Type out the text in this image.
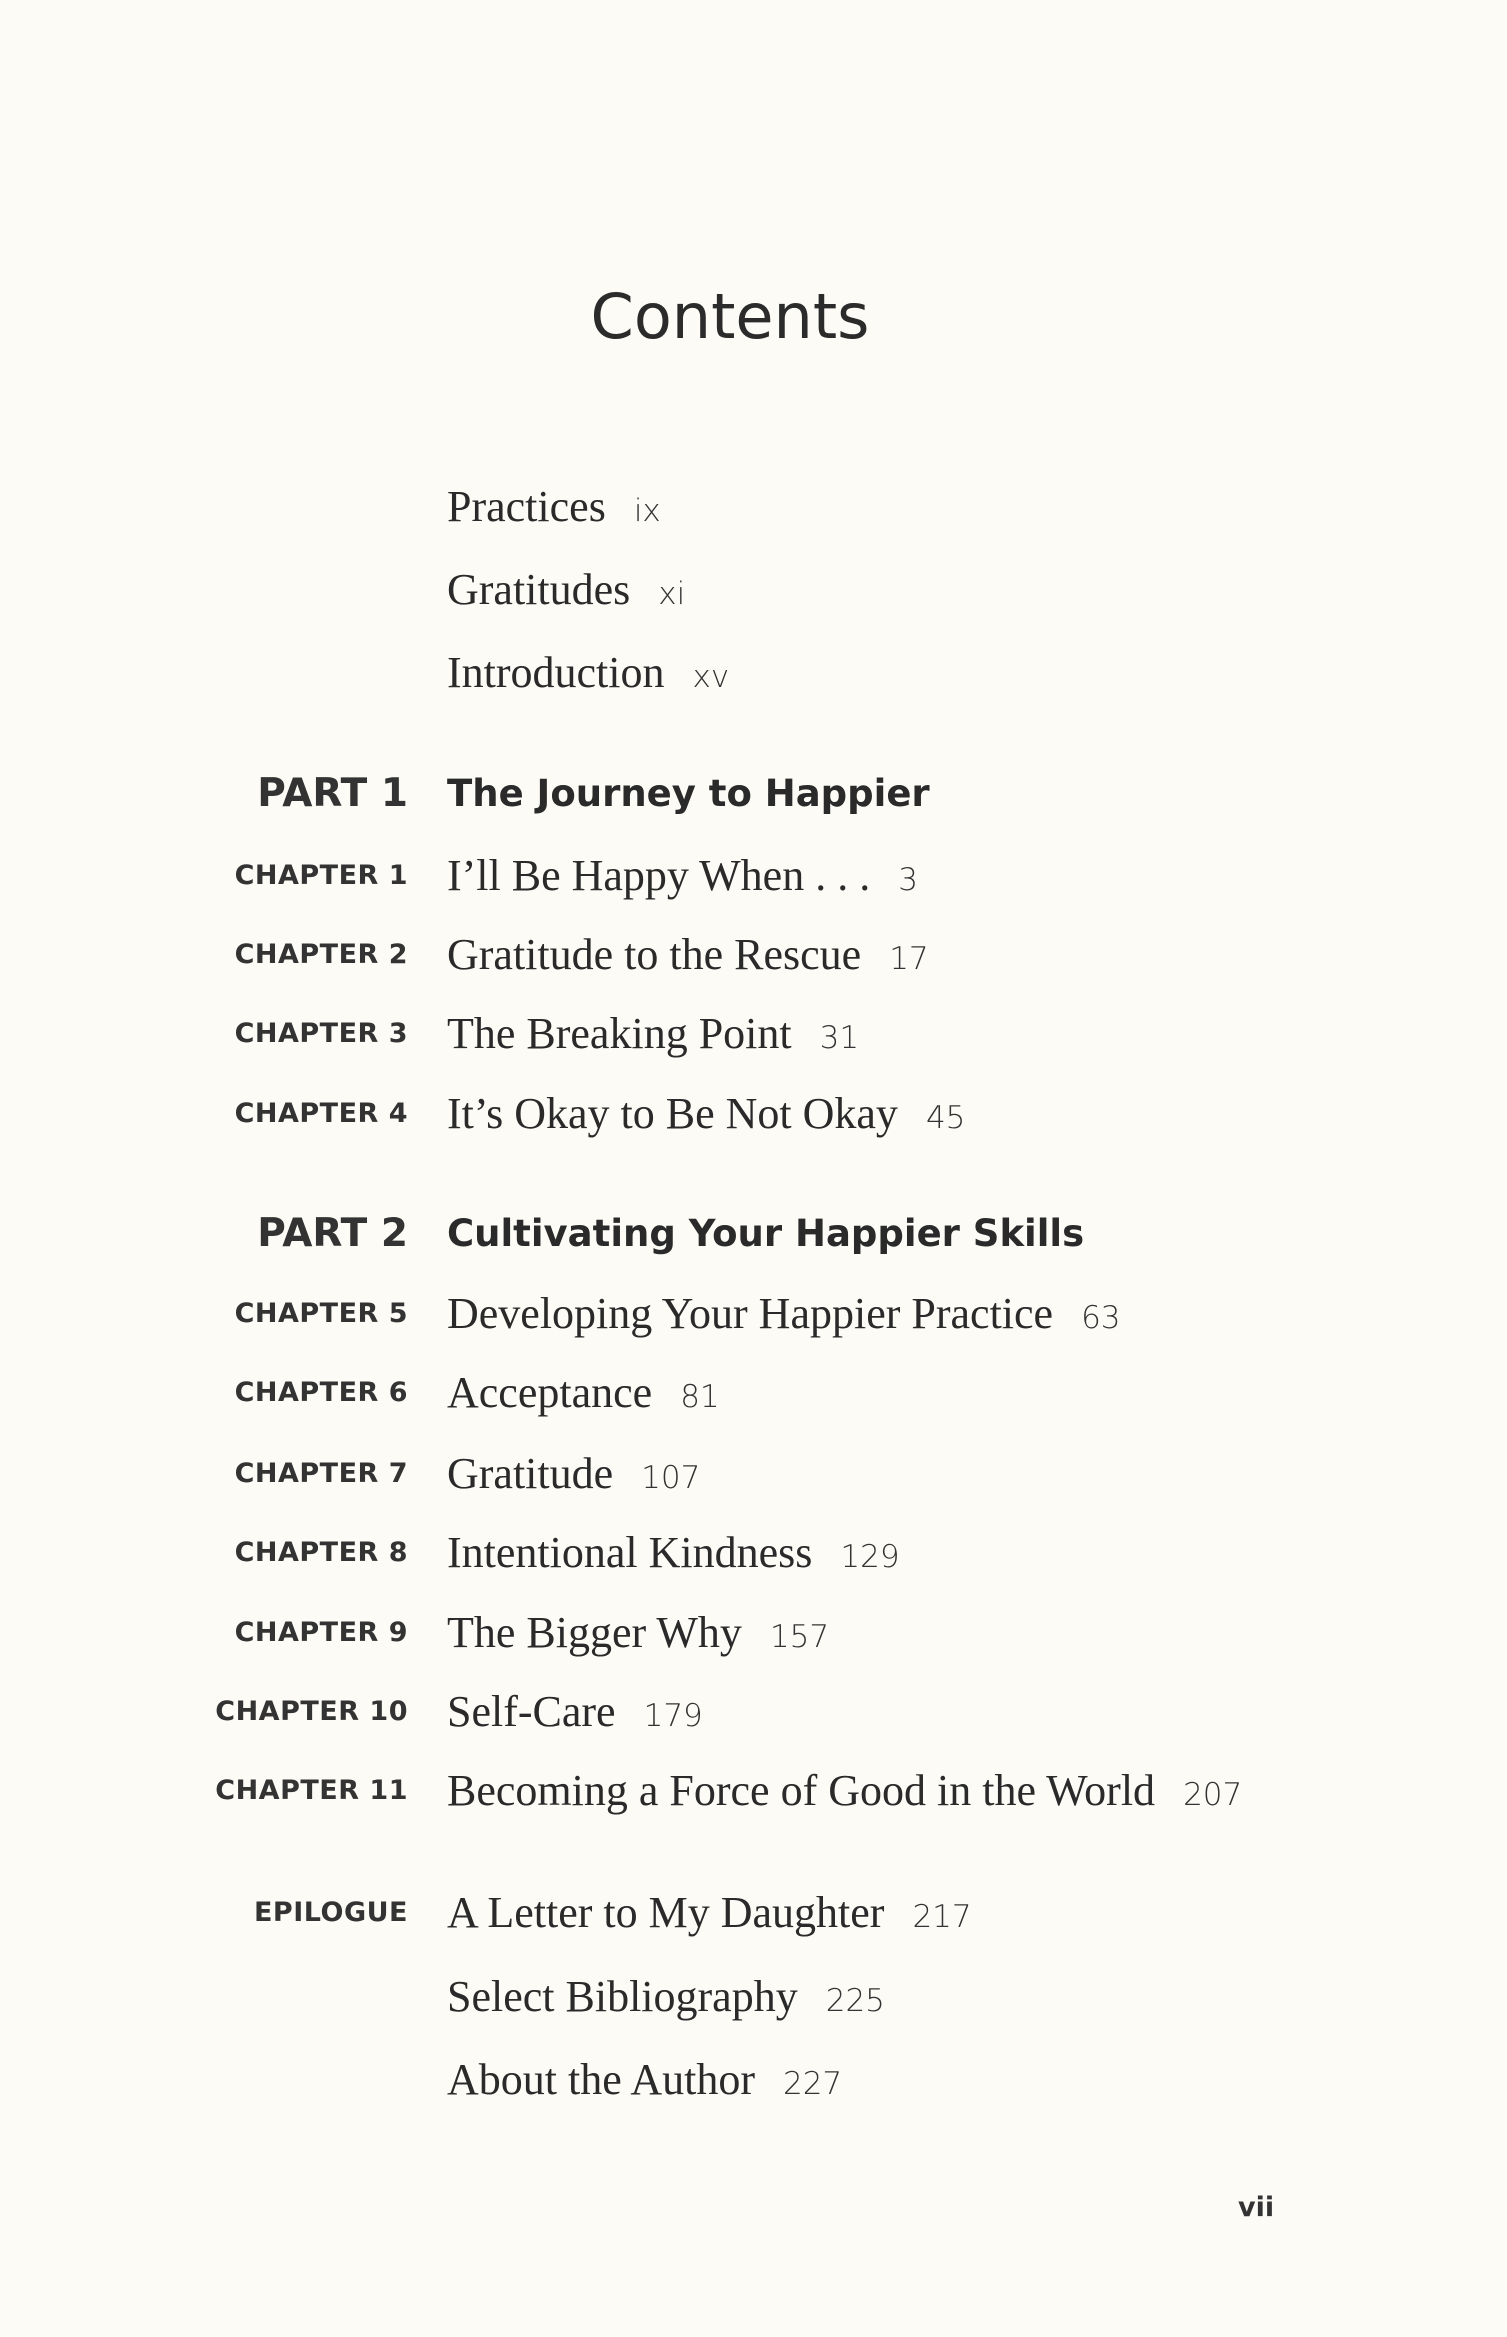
Contents
Practices ix
Gratitudes xi
Introduction xv
PART 1 The Journey to Happier
CHAPTER 1 I’ll Be Happy When . . . 3
CHAPTER 2 Gratitude to the Rescue 17
CHAPTER 3 The Breaking Point 31
CHAPTER 4 It’s Okay to Be Not Okay 45
PART 2 Cultivating Your Happier Skills
CHAPTER 5 Developing Your Happier Practice 63
CHAPTER 6 Acceptance 81
CHAPTER 7 Gratitude 107
CHAPTER 8 Intentional Kindness 129
CHAPTER 9 The Bigger Why 157
CHAPTER 10 Self-Care 179
CHAPTER 11 Becoming a Force of Good in the World 207
EPILOGUE A Letter to My Daughter 217
Select Bibliography 225
About the Author 227
vii
